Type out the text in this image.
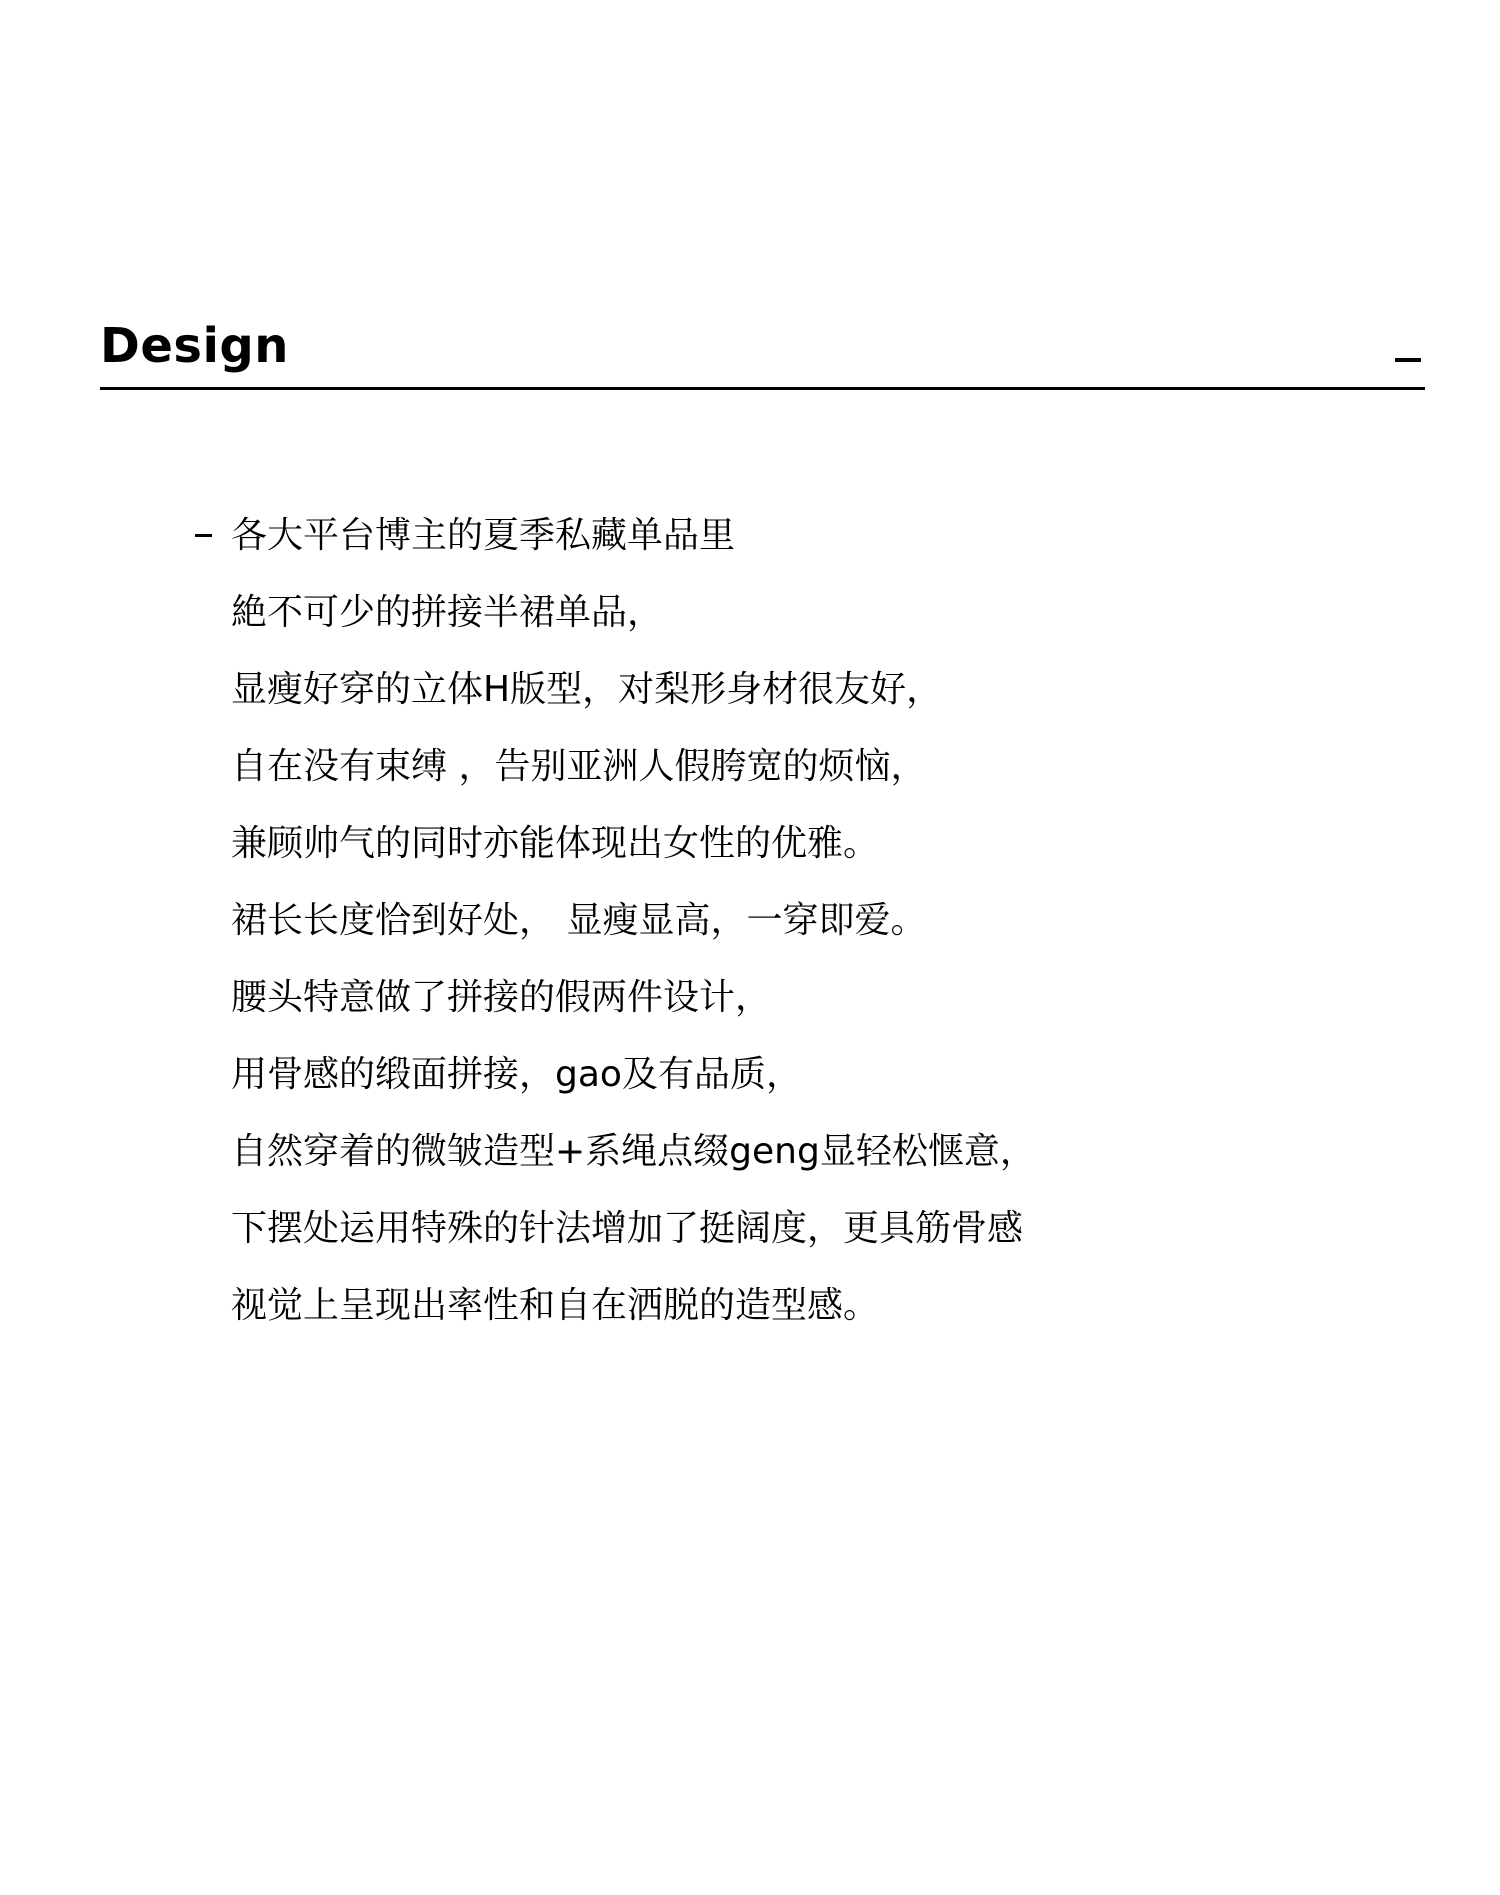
Design
各大平台博主的夏季私藏单品里
絶不可少的拼接半裙单品，
显瘦好穿的立体H版型，对梨形身材很友好，
自在没有束缚 ，告别亚洲人假胯宽的烦恼，
兼顾帅气的同时亦能体现出女性的优雅。
裙长长度恰到好处， 显瘦显高，一穿即爱。
腰头特意做了拼接的假两件设计，
用骨感的缎面拼接，gao及有品质，
自然穿着的微皱造型+系绳点缀geng显轻松惬意，
下摆处运用特殊的针法增加了挺阔度，更具筋骨感
视觉上呈现出率性和自在洒脱的造型感。
